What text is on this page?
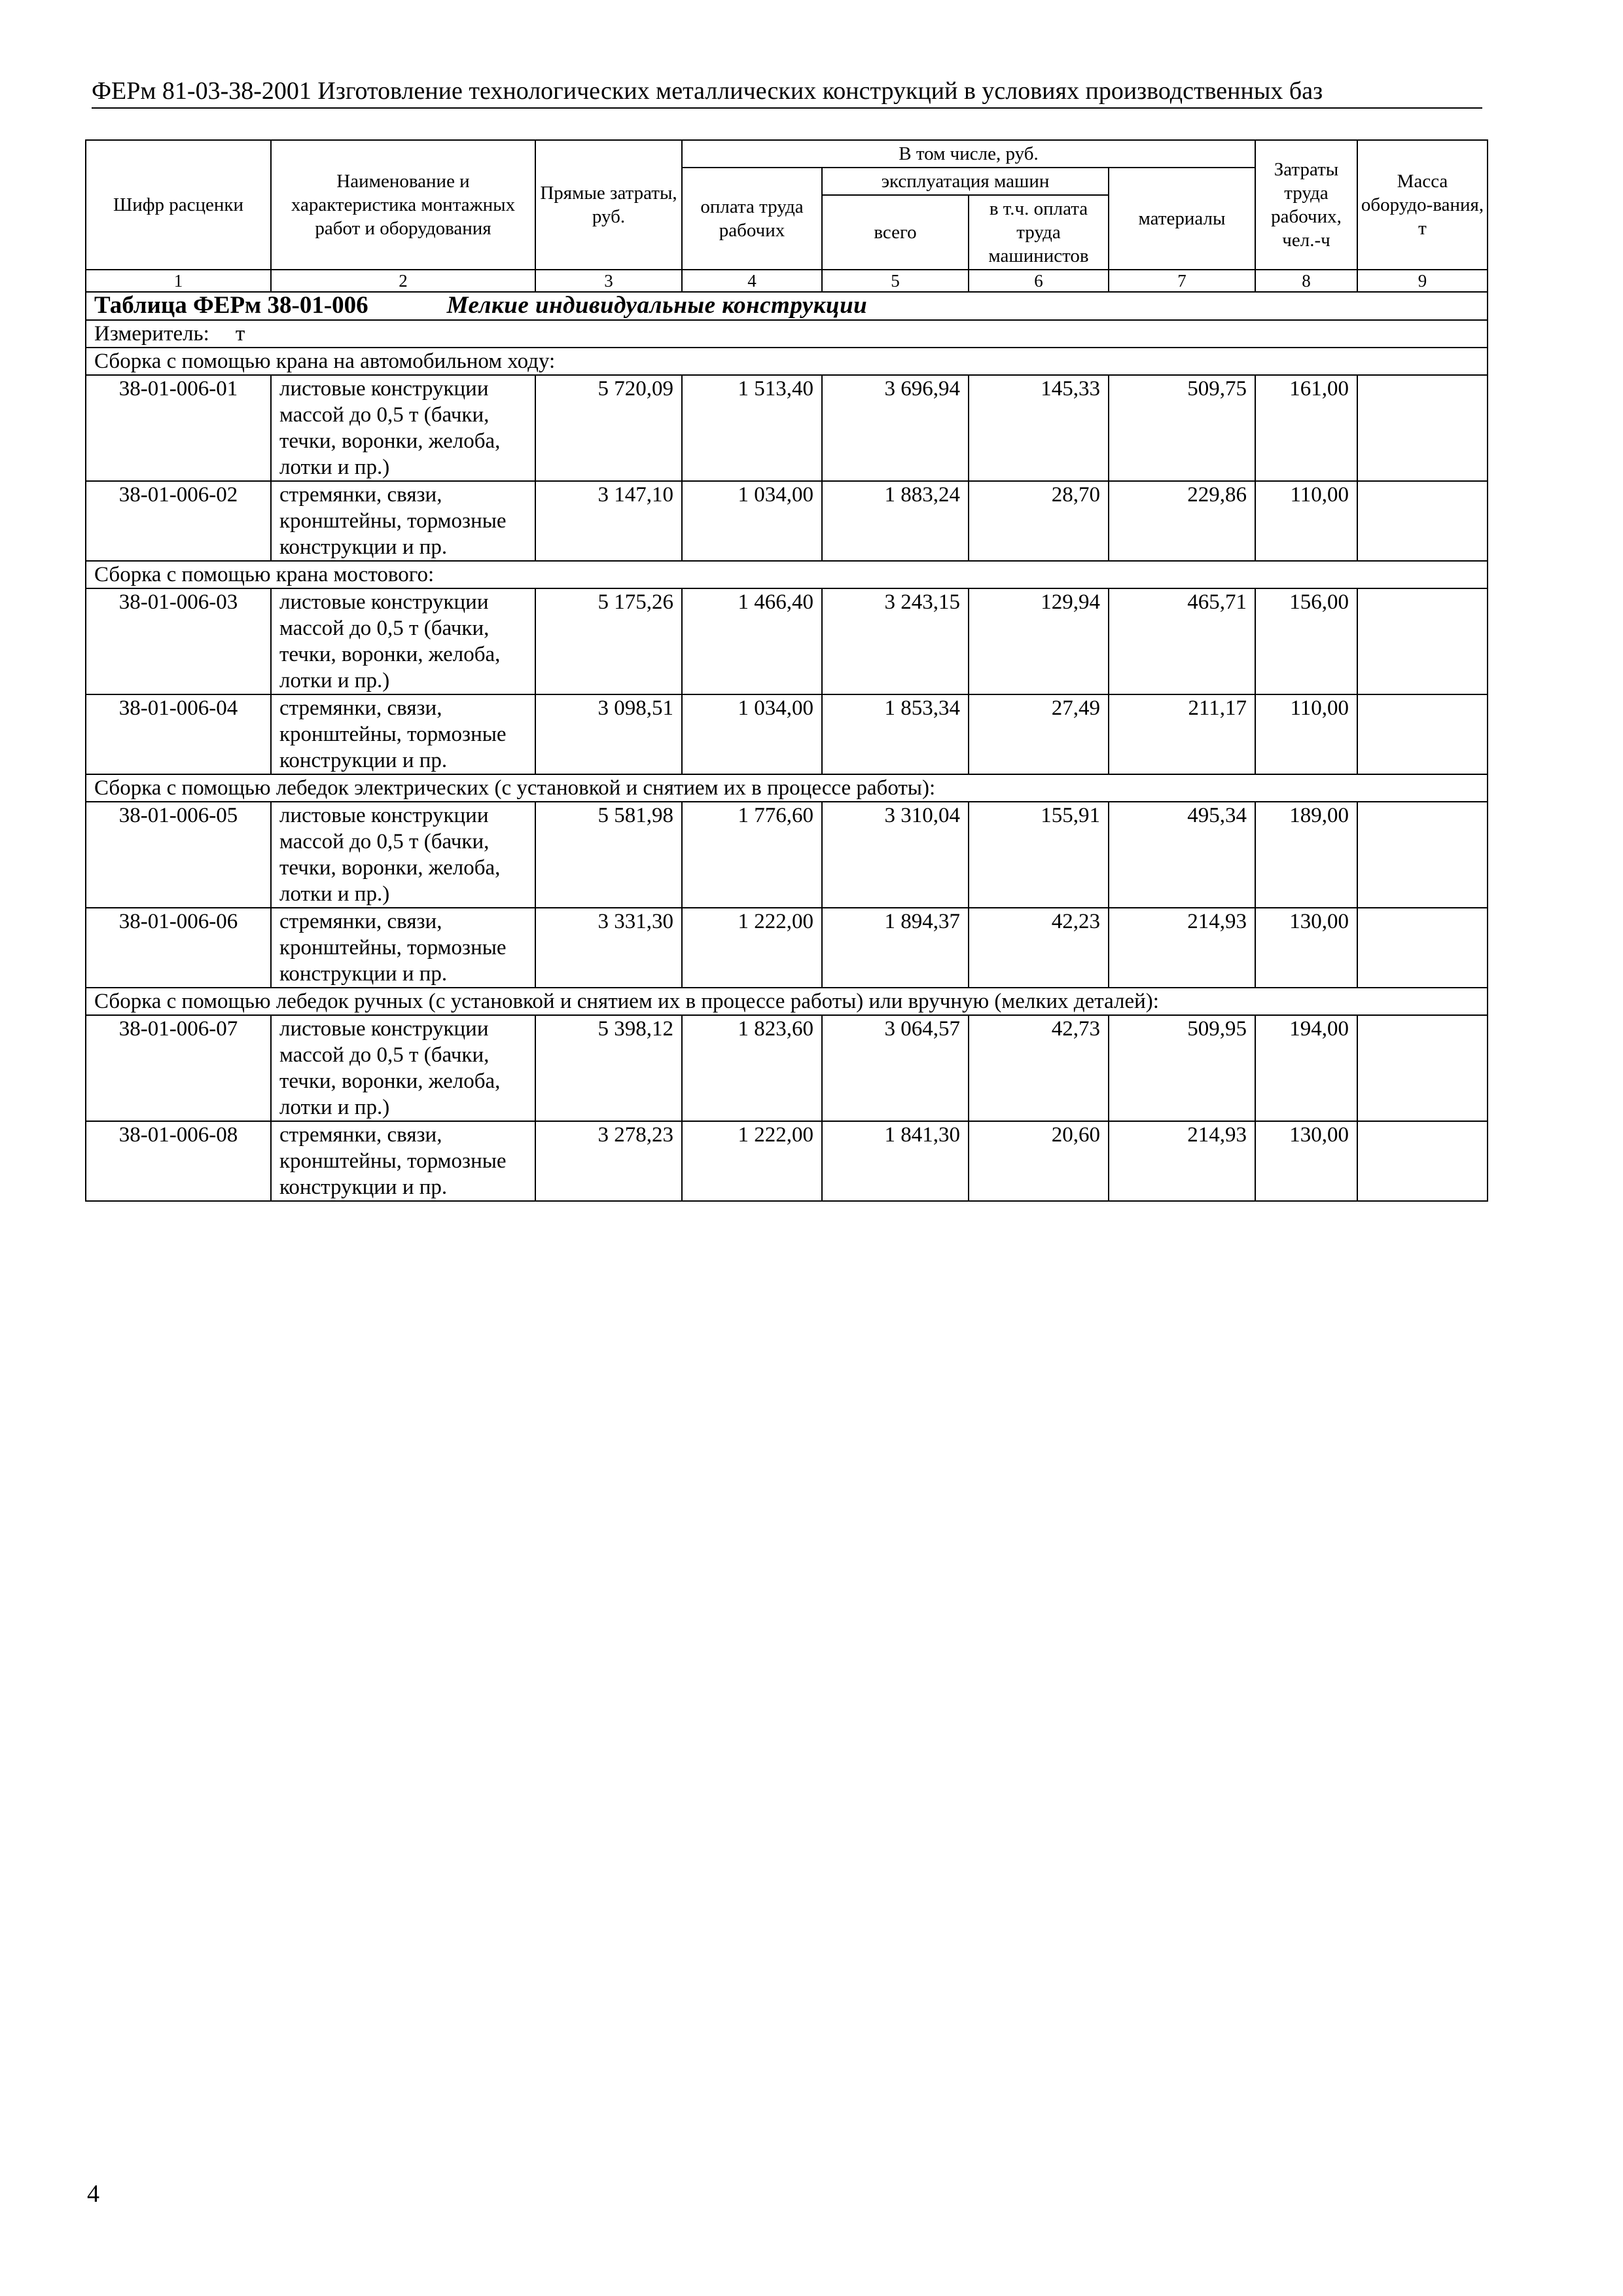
ФЕРм 81-03-38-2001 Изготовление технологических металлических конструкций в условиях производственных баз
Шифр расценки	Наименование и характеристика монтажных работ и оборудования	Прямые затраты, руб.	В том числе, руб.				Затраты труда рабочих, чел.-ч	Масса оборудо-вания, т
			оплата труда рабочих	эксплуатация машин		материалы		
				всего	в т.ч. оплата труда машинистов			
1	2	3	4	5	6	7	8	9
Таблица ФЕРм 38-01-006 Мелкие индивидуальные конструкции								
Измеритель: т								
Сборка с помощью крана на автомобильном ходу:								
38-01-006-01	листовые конструкции массой до 0,5 т (бачки, течки, воронки, желоба, лотки и пр.)	5 720,09	1 513,40	3 696,94	145,33	509,75	161,00	
38-01-006-02	стремянки, связи, кронштейны, тормозные конструкции и пр.	3 147,10	1 034,00	1 883,24	28,70	229,86	110,00	
Сборка с помощью крана мостового:								
38-01-006-03	листовые конструкции массой до 0,5 т (бачки, течки, воронки, желоба, лотки и пр.)	5 175,26	1 466,40	3 243,15	129,94	465,71	156,00	
38-01-006-04	стремянки, связи, кронштейны, тормозные конструкции и пр.	3 098,51	1 034,00	1 853,34	27,49	211,17	110,00	
Сборка с помощью лебедок электрических (с установкой и снятием их в процессе работы):								
38-01-006-05	листовые конструкции массой до 0,5 т (бачки, течки, воронки, желоба, лотки и пр.)	5 581,98	1 776,60	3 310,04	155,91	495,34	189,00	
38-01-006-06	стремянки, связи, кронштейны, тормозные конструкции и пр.	3 331,30	1 222,00	1 894,37	42,23	214,93	130,00	
Сборка с помощью лебедок ручных (с установкой и снятием их в процессе работы) или вручную (мелких деталей):								
38-01-006-07	листовые конструкции массой до 0,5 т (бачки, течки, воронки, желоба, лотки и пр.)	5 398,12	1 823,60	3 064,57	42,73	509,95	194,00	
38-01-006-08	стремянки, связи, кронштейны, тормозные конструкции и пр.	3 278,23	1 222,00	1 841,30	20,60	214,93	130,00	
4
